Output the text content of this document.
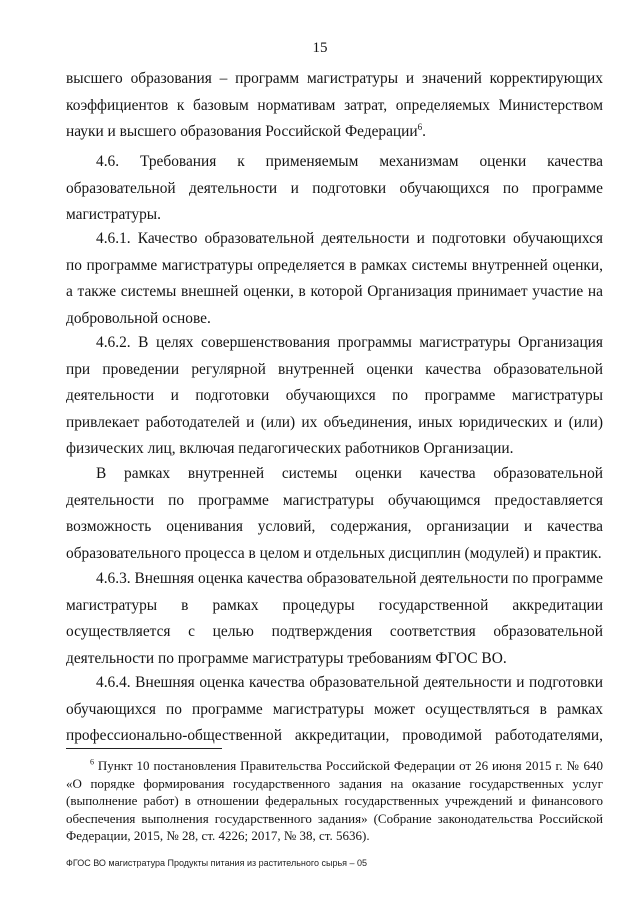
15

высшего образования – программ магистратуры и значений корректирующих коэффициентов к базовым нормативам затрат, определяемых Министерством науки и высшего образования Российской Федерации$^6$.

4.6. Требования к применяемым механизмам оценки качества образовательной деятельности и подготовки обучающихся по программе магистратуры.

4.6.1. Качество образовательной деятельности и подготовки обучающихся по программе магистратуры определяется в рамках системы внутренней оценки, а также системы внешней оценки, в которой Организация принимает участие на добровольной основе.

4.6.2. В целях совершенствования программы магистратуры Организация при проведении регулярной внутренней оценки качества образовательной деятельности и подготовки обучающихся по программе магистратуры привлекает работодателей и (или) их объединения, иных юридических и (или) физических лиц, включая педагогических работников Организации.

В рамках внутренней системы оценки качества образовательной деятельности по программе магистратуры обучающимся предоставляется возможность оценивания условий, содержания, организации и качества образовательного процесса в целом и отдельных дисциплин (модулей) и практик.

4.6.3. Внешняя оценка качества образовательной деятельности по программе магистратуры в рамках процедуры государственной аккредитации осуществляется с целью подтверждения соответствия образовательной деятельности по программе магистратуры требованиям ФГОС ВО.

4.6.4. Внешняя оценка качества образовательной деятельности и подготовки обучающихся по программе магистратуры может осуществляться в рамках профессионально-общественной аккредитации, проводимой работодателями,

$^6$ Пункт 10 постановления Правительства Российской Федерации от 26 июня 2015 г. № 640 «О порядке формирования государственного задания на оказание государственных услуг (выполнение работ) в отношении федеральных государственных учреждений и финансового обеспечения выполнения государственного задания» (Собрание законодательства Российской Федерации, 2015, № 28, ст. 4226; 2017, № 38, ст. 5636).

ФГОС ВО магистратура Продукты питания из растительного сырья – 05
